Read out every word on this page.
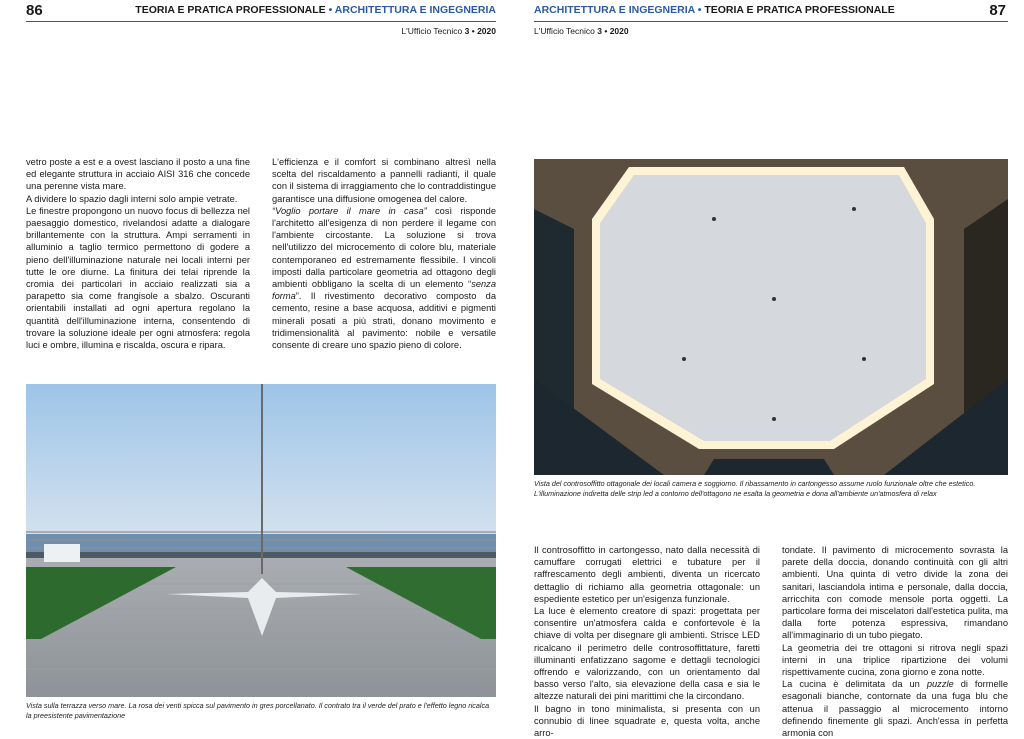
86	TEORIA E PRATICA PROFESSIONALE • ARCHITETTURA E INGEGNERIA
L'Ufficio Tecnico 3 • 2020

vetro poste a est e a ovest lasciano il posto a una fine ed elegante struttura in acciaio AISI 316 che concede una perenne vista mare.

A dividere lo spazio dagli interni solo ampie vetrate.

Le finestre propongono un nuovo focus di bellezza nel paesaggio domestico, rivelandosi adatte a dialogare brillantemente con la struttura. Ampi serramenti in alluminio a taglio termico permettono di godere a pieno dell'illuminazione naturale nei locali interni per tutte le ore diurne. La finitura dei telai riprende la cromia dei particolari in acciaio realizzati sia a parapetto sia come frangisole a sbalzo. Oscuranti orientabili installati ad ogni apertura regolano la quantità dell'illuminazione interna, consentendo di trovare la soluzione ideale per ogni atmosfera: regola luci e ombre, illumina e riscalda, oscura e ripara.

L'efficienza e il comfort si combinano altresì nella scelta del riscaldamento a pannelli radianti, il quale con il sistema di irraggiamento che lo contraddistingue garantisce una diffusione omogenea del calore.

“Voglio portare il mare in casa” così risponde l'architetto all'esigenza di non perdere il legame con l'ambiente circostante. La soluzione si trova nell'utilizzo del microcemento di colore blu, materiale contemporaneo ed estremamente flessibile. I vincoli imposti dalla particolare geometria ad ottagono degli ambienti obbligano la scelta di un elemento “senza forma”. Il rivestimento decorativo composto da cemento, resine a base acquosa, additivi e pigmenti minerali posati a più strati, donano movimento e tridimensionalità al pavimento: nobile e versatile consente di creare uno spazio pieno di colore.

Vista sulla terrazza verso mare. La rosa dei venti spicca sul pavimento in gres porcellanato. Il contrato tra il verde del prato e l'effetto legno ricalca la preesistente pavimentazione
ARCHITETTURA E INGEGNERIA • TEORIA E PRATICA PROFESSIONALE	87
L'Ufficio Tecnico 3 • 2020
Vista del controsoffitto ottagonale dei locali camera e soggiorno. Il ribassamento in cartongesso assume ruolo funzionale oltre che estetico. L'illuminazione indiretta delle strip led a contorno dell'ottagono ne esalta la geometria e dona all'ambiente un'atmosfera di relax

Il controsoffitto in cartongesso, nato dalla necessità di camuffare corrugati elettrici e tubature per il raffrescamento degli ambienti, diventa un ricercato dettaglio di richiamo alla geometria ottagonale: un espediente estetico per un'esigenza funzionale.

La luce è elemento creatore di spazi: progettata per consentire un'atmosfera calda e confortevole è la chiave di volta per disegnare gli ambienti. Strisce LED ricalcano il perimetro delle controsoffittature, faretti illuminanti enfatizzano sagome e dettagli tecnologici offrendo e valorizzando, con un orientamento dal basso verso l'alto, sia elevazione della casa e sia le altezze naturali dei pini marittimi che la circondano.

Il bagno in tono minimalista, si presenta con un connubio di linee squadrate e, questa volta, anche arro-

tondate. Il pavimento di microcemento sovrasta la parete della doccia, donando continuità con gli altri ambienti. Una quinta di vetro divide la zona dei sanitari, lasciandola intima e personale, dalla doccia, arricchita con comode mensole porta oggetti. La particolare forma dei miscelatori dall'estetica pulita, ma dalla forte potenza espressiva, rimandano all'immaginario di un tubo piegato.

La geometria dei tre ottagoni si ritrova negli spazi interni in una triplice ripartizione dei volumi rispettivamente cucina, zona giorno e zona notte.

La cucina è delimitata da un puzzle di formelle esagonali bianche, contornate da una fuga blu che attenua il passaggio al microcemento intorno definendo finemente gli spazi. Anch'essa in perfetta armonia con
